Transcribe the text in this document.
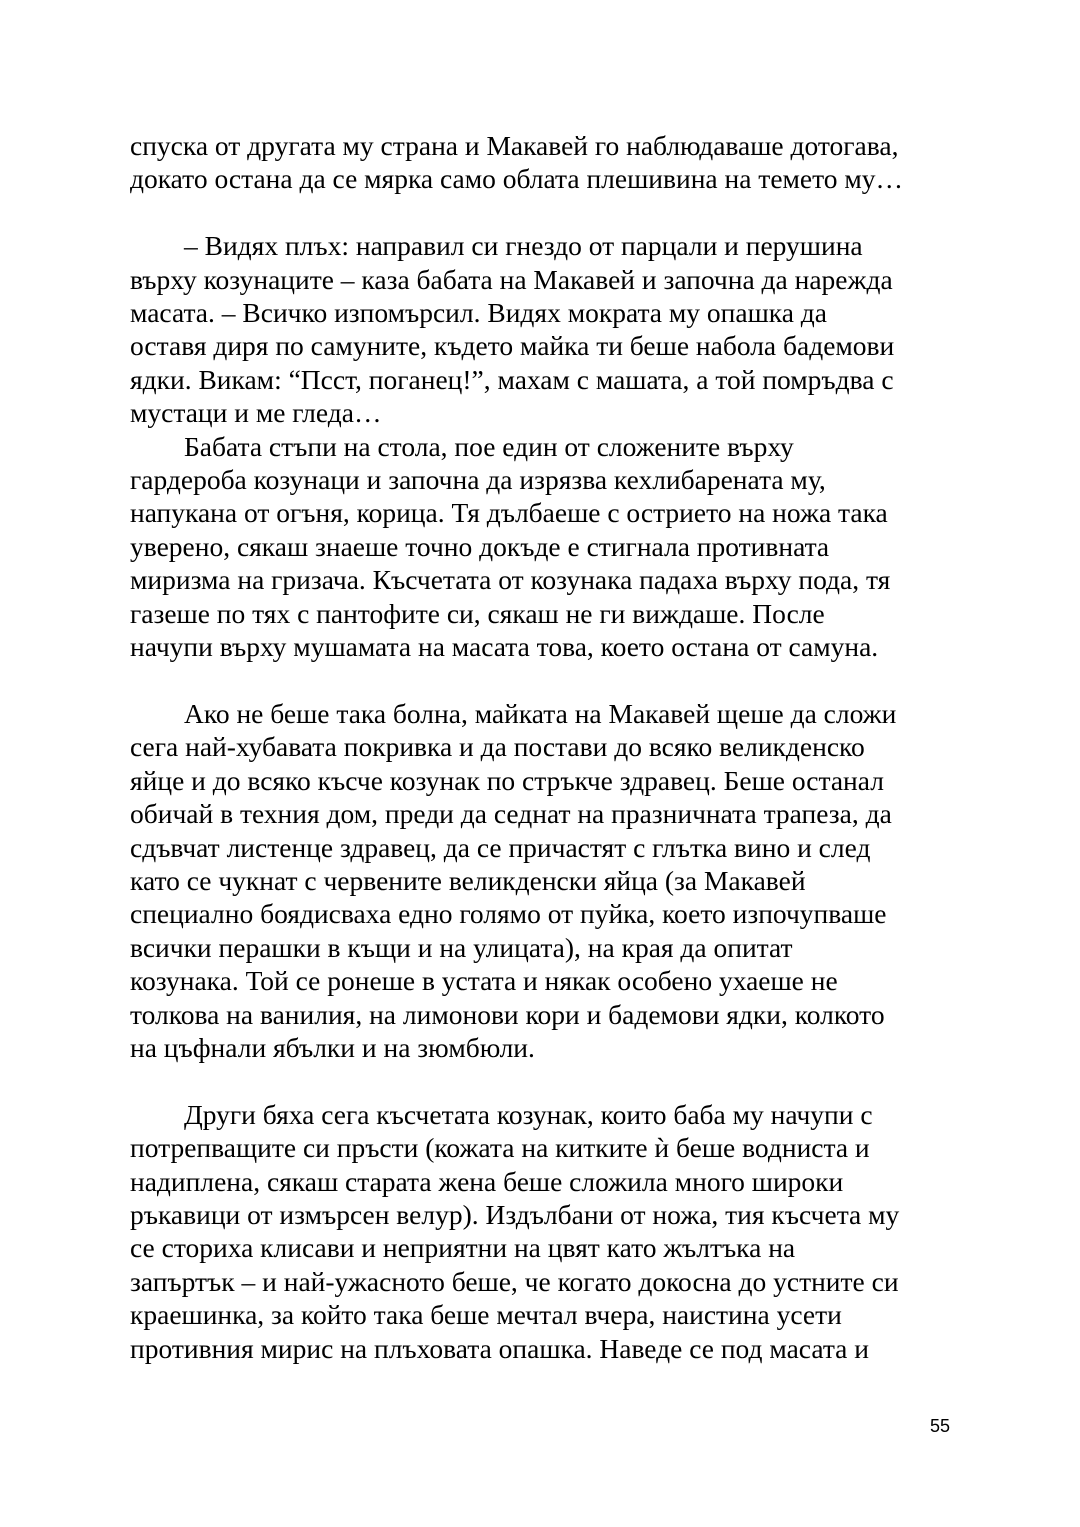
спуска от другата му страна и Макавей го наблюдаваше дотогава,
докато остана да се мярка само облата плешивина на темето му…
– Видях плъх: направил си гнездо от парцали и перушина
върху козунаците – каза бабата на Макавей и започна да нарежда
масата. – Всичко изпомърсил. Видях мократа му опашка да
оставя диря по самуните, където майка ти беше набола бадемови
ядки. Викам: “Псст, поганец!”, махам с машата, а той помръдва с
мустаци и ме гледа…
Бабата стъпи на стола, пое един от сложените върху
гардероба козунаци и започна да изрязва кехлибарената му,
напукана от огъня, корица. Тя дълбаеше с острието на ножа така
уверено, сякаш знаеше точно докъде е стигнала противната
миризма на гризача. Късчетата от козунака падаха върху пода, тя
газеше по тях с пантофите си, сякаш не ги виждаше. После
начупи върху мушамата на масата това, което остана от самуна.
Ако не беше така болна, майката на Макавей щеше да сложи
сега най-хубавата покривка и да постави до всяко великденско
яйце и до всяко късче козунак по стръкче здравец. Беше останал
обичай в техния дом, преди да седнат на празничната трапеза, да
сдъвчат листенце здравец, да се причастят с глътка вино и след
като се чукнат с червените великденски яйца (за Макавей
специално боядисваха едно голямо от пуйка, което изпочупваше
всички перашки в къщи и на улицата), на края да опитат
козунака. Той се ронеше в устата и някак особено ухаеше не
толкова на ванилия, на лимонови кори и бадемови ядки, колкото
на цъфнали ябълки и на зюмбюли.
Други бяха сега късчетата козунак, които баба му начупи с
потрепващите си пръсти (кожата на китките ѝ беше водниста и
надиплена, сякаш старата жена беше сложила много широки
ръкавици от измърсен велур). Издълбани от ножа, тия късчета му
се сториха клисави и неприятни на цвят като жълтъка на
запъртък – и най-ужасното беше, че когато докосна до устните си
краешинка, за който така беше мечтал вчера, наистина усети
противния мирис на плъховата опашка. Наведе се под масата и
55
